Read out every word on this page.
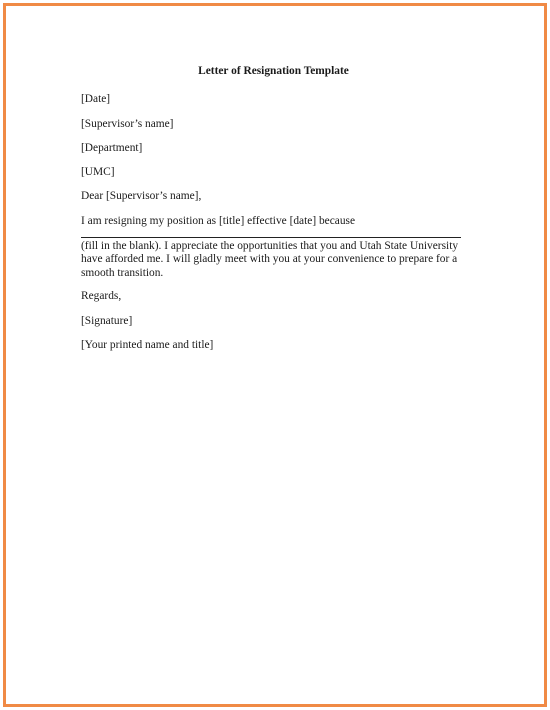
Letter of Resignation Template

[Date]

[Supervisor’s name]

[Department]

[UMC]

Dear [Supervisor’s name],

I am resigning my position as [title] effective [date] because

(fill in the blank). I appreciate the opportunities that you and Utah State University have afforded me. I will gladly meet with you at your convenience to prepare for a smooth transition.

Regards,

[Signature]

[Your printed name and title]
